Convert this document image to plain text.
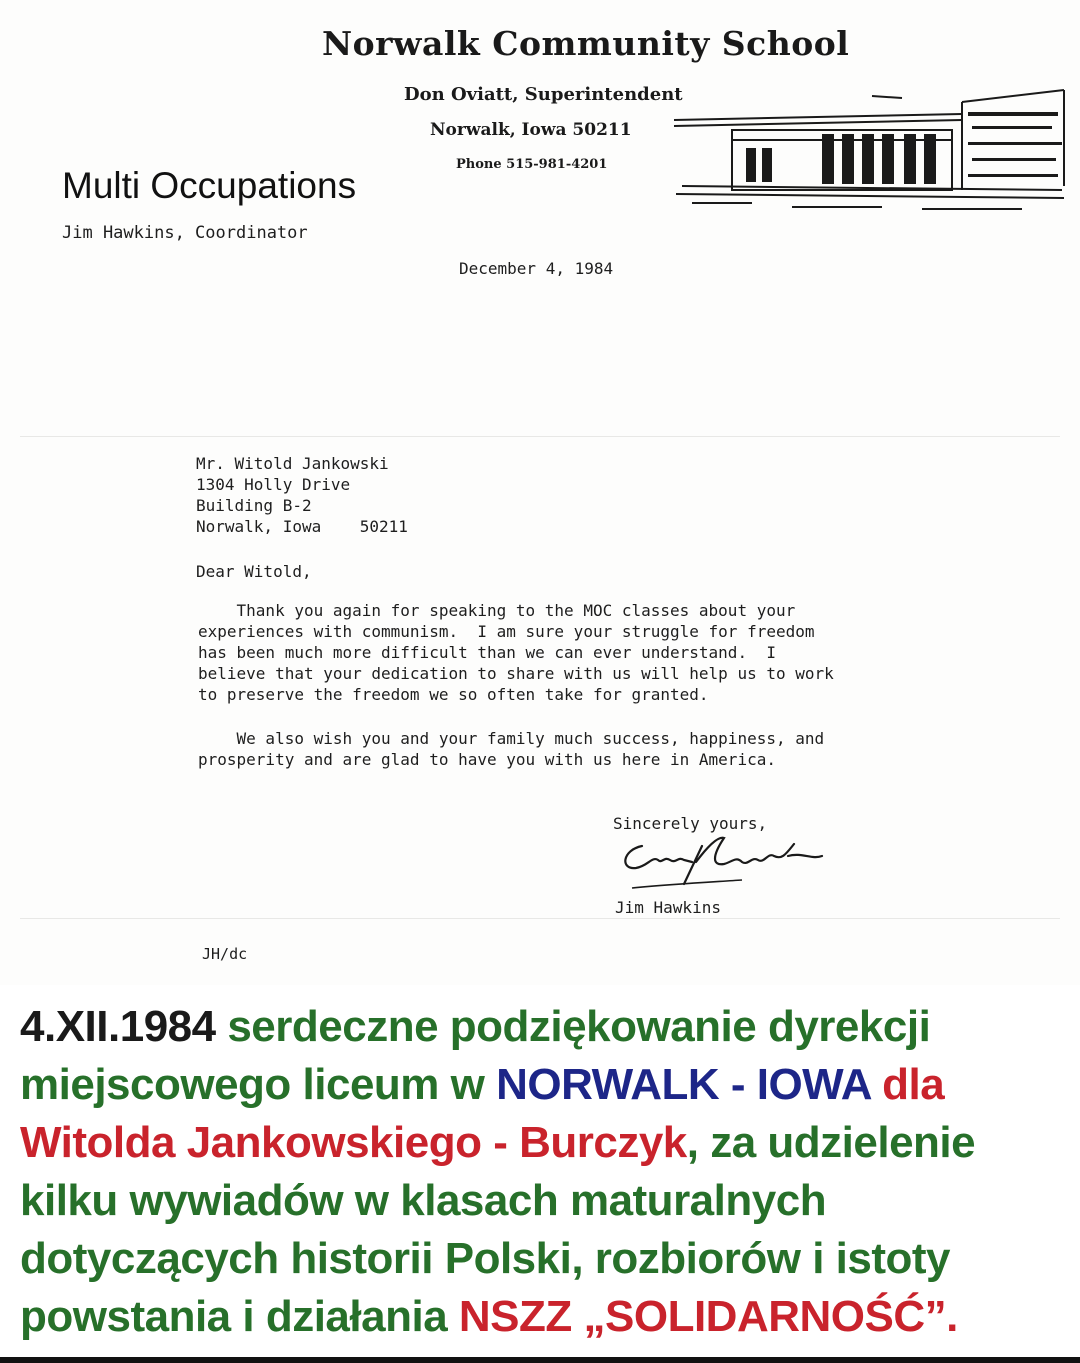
Norwalk Community School
Don Oviatt, Superintendent
Norwalk, Iowa 50211
Phone 515-981-4201
Multi Occupations
Jim Hawkins, Coordinator
December 4, 1984
Mr. Witold Jankowski
1304 Holly Drive
Building B-2
Norwalk, Iowa    50211
Dear Witold,
Thank you again for speaking to the MOC classes about your
experiences with communism.  I am sure your struggle for freedom
has been much more difficult than we can ever understand.  I
believe that your dedication to share with us will help us to work
to preserve the freedom we so often take for granted.
We also wish you and your family much success, happiness, and
prosperity and are glad to have you with us here in America.
Sincerely yours,
Jim Hawkins
JH/dc
4.XII.1984 serdeczne podziękowanie dyrekcji miejscowego liceum w NORWALK - IOWA dla Witolda Jankowskiego - Burczyk, za udzielenie kilku wywiadów w klasach maturalnych dotyczących historii Polski, rozbiorów i istoty powstania i działania NSZZ „SOLIDARNOŚĆ”.
